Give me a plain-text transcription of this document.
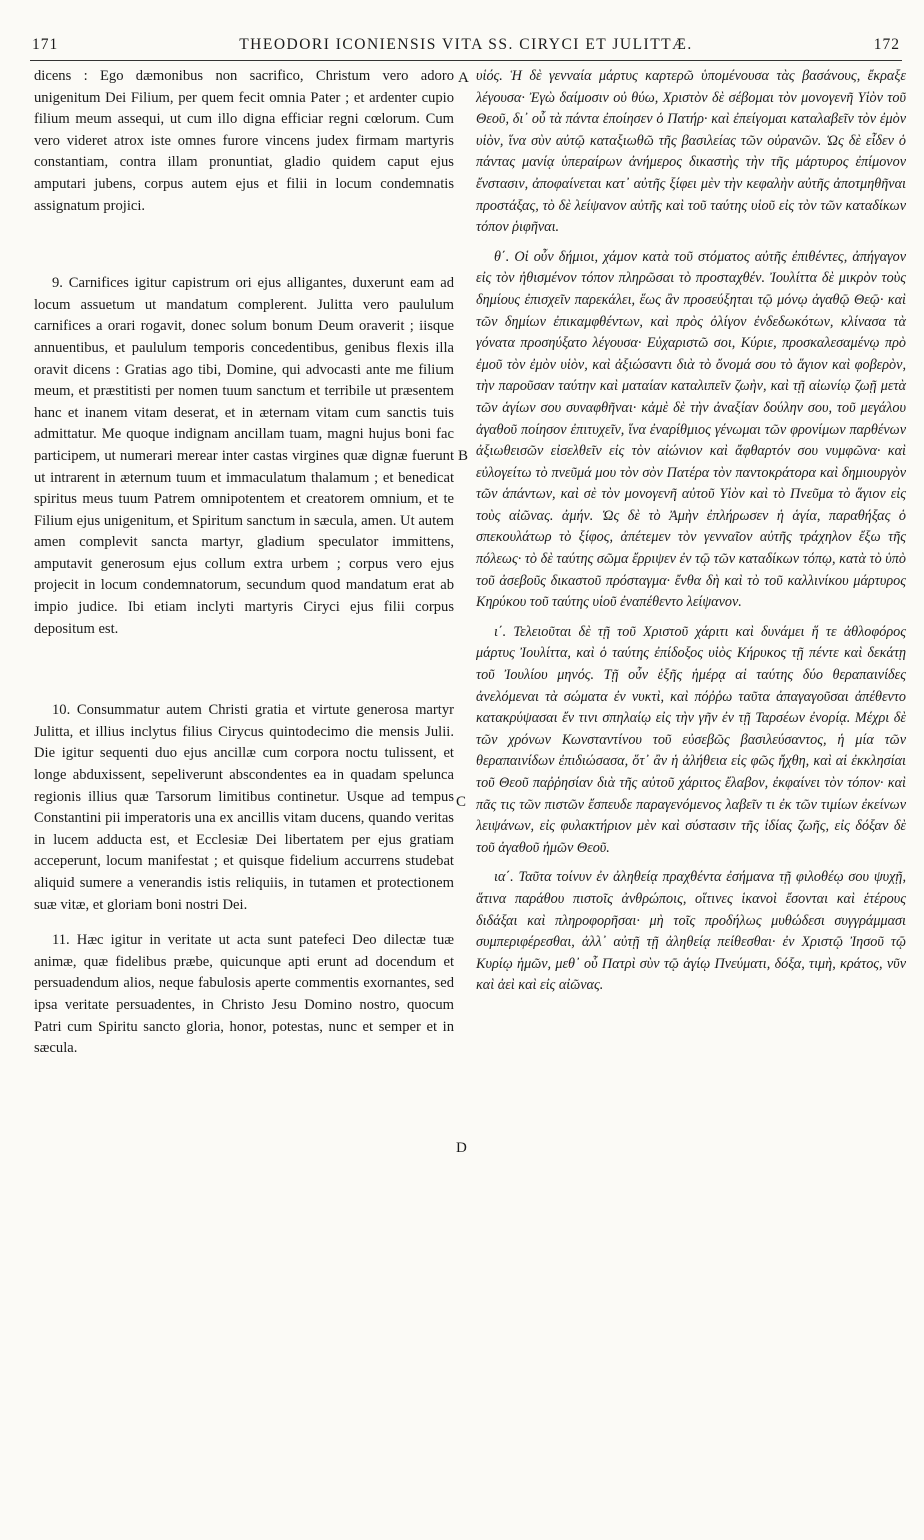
171	THEODORI ICONIENSIS VITA SS. CIRYCI ET JULITTÆ.	172
A
B
C
D

dicens : Ego dæmonibus non sacrifico, Christum vero adoro unigenitum Dei Filium, per quem fecit omnia Pater ; et ardenter cupio filium meum assequi, ut cum illo digna efficiar regni cœlorum. Cum vero videret atrox iste omnes furore vincens judex firmam martyris constantiam, contra illam pronuntiat, gladio quidem caput ejus amputari jubens, corpus autem ejus et filii in locum condemnatis assignatum projici.

9. Carnifices igitur capistrum ori ejus alligantes, duxerunt eam ad locum assuetum ut mandatum complerent. Julitta vero paululum carnifices a orari rogavit, donec solum bonum Deum oraverit ; iisque annuentibus, et paululum temporis concedentibus, genibus flexis illa oravit dicens : Gratias ago tibi, Domine, qui advocasti ante me filium meum, et præstitisti per nomen tuum sanctum et terribile ut præsentem hanc et inanem vitam deserat, et in æternam vitam cum sanctis tuis admittatur. Me quoque indignam ancillam tuam, magni hujus boni fac participem, ut numerari merear inter castas virgines quæ dignæ fuerunt ut intrarent in æternum tuum et immaculatum thalamum ; et benedicat spiritus meus tuum Patrem omnipotentem et creatorem omnium, et te Filium ejus unigenitum, et Spiritum sanctum in sæcula, amen. Ut autem amen complevit sancta martyr, gladium speculator immittens, amputavit generosum ejus collum extra urbem ; corpus vero ejus projecit in locum condemnatorum, secundum quod mandatum erat ab impio judice. Ibi etiam inclyti martyris Ciryci ejus filii corpus depositum est.

10. Consummatur autem Christi gratia et virtute generosa martyr Julitta, et illius inclytus filius Cirycus quintodecimo die mensis Julii. Die igitur sequenti duo ejus ancillæ cum corpora noctu tulissent, et longe abduxissent, sepeliverunt abscondentes ea in quadam spelunca regionis illius quæ Tarsorum limitibus continetur. Usque ad tempus Constantini pii imperatoris una ex ancillis vitam ducens, quando veritas in lucem adducta est, et Ecclesiæ Dei libertatem per ejus gratiam acceperunt, locum manifestat ; et quisque fidelium accurrens studebat aliquid sumere a venerandis istis reliquiis, in tutamen et protectionem suæ vitæ, et gloriam boni nostri Dei.

11. Hæc igitur in veritate ut acta sunt patefeci Deo dilectæ tuæ animæ, quæ fidelibus præbe, quicunque apti erunt ad docendum et persuadendum alios, neque fabulosis aperte commentis exornantes, sed ipsa veritate persuadentes, in Christo Jesu Domino nostro, quocum Patri cum Spiritu sancto gloria, honor, potestas, nunc et semper et in sæcula.

υἱός. Ἡ δὲ γενναία μάρτυς καρτερῶ ὑπομένουσα τὰς βασάνους, ἔκραξε λέγουσα· Ἐγὼ δαίμοσιν οὐ θύω, Χριστὸν δὲ σέβομαι τὸν μονογενῆ Υἱὸν τοῦ Θεοῦ, δι᾿ οὗ τὰ πάντα ἐποίησεν ὁ Πατήρ· καὶ ἐπείγομαι καταλαβεῖν τὸν ἐμὸν υἱὸν, ἵνα σὺν αὐτῷ καταξιωθῶ τῆς βασιλείας τῶν οὐρανῶν. Ὡς δὲ εἶδεν ὁ πάντας μανίᾳ ὑπεραίρων ἀνήμερος δικαστὴς τὴν τῆς μάρτυρος ἐπίμονον ἔνστασιν, ἀποφαίνεται κατ᾿ αὐτῆς ξίφει μὲν τὴν κεφαλὴν αὐτῆς ἀποτμηθῆναι προστάξας, τὸ δὲ λείψανον αὐτῆς καὶ τοῦ ταύτης υἱοῦ εἰς τὸν τῶν καταδίκων τόπον ῥιφῆναι.

θ΄. Οἱ οὖν δήμιοι, χάμον κατὰ τοῦ στόματος αὐτῆς ἐπιθέντες, ἀπήγαγον εἰς τὸν ἠθισμένον τόπον πληρῶσαι τὸ προσταχθέν. Ἰουλίττα δὲ μικρὸν τοὺς δημίους ἐπισχεῖν παρεκάλει, ἕως ἂν προσεύξηται τῷ μόνῳ ἀγαθῷ Θεῷ· καὶ τῶν δημίων ἐπικαμφθέντων, καὶ πρὸς ὀλίγον ἐνδεδωκότων, κλίνασα τὰ γόνατα προσηύξατο λέγουσα· Εὐχαριστῶ σοι, Κύριε, προσκαλεσαμένῳ πρὸ ἐμοῦ τὸν ἐμὸν υἱὸν, καὶ ἀξιώσαντι διὰ τὸ ὄνομά σου τὸ ἅγιον καὶ φοβερὸν, τὴν παροῦσαν ταύτην καὶ ματαίαν καταλιπεῖν ζωὴν, καὶ τῇ αἰωνίῳ ζωῇ μετὰ τῶν ἁγίων σου συναφθῆναι· κἀμὲ δὲ τὴν ἀναξίαν δούλην σου, τοῦ μεγάλου ἀγαθοῦ ποίησον ἐπιτυχεῖν, ἵνα ἐναρίθμιος γένωμαι τῶν φρονίμων παρθένων ἀξιωθεισῶν εἰσελθεῖν εἰς τὸν αἰώνιον καὶ ἄφθαρτόν σου νυμφῶνα· καὶ εὐλογείτω τὸ πνεῦμά μου τὸν σὸν Πατέρα τὸν παντοκράτορα καὶ δημιουργὸν τῶν ἁπάντων, καὶ σὲ τὸν μονογενῆ αὐτοῦ Υἱὸν καὶ τὸ Πνεῦμα τὸ ἅγιον εἰς τοὺς αἰῶνας. ἀμήν. Ὡς δὲ τὸ Ἀμὴν ἐπλήρωσεν ἡ ἁγία, παραθήξας ὁ σπεκουλάτωρ τὸ ξίφος, ἀπέτεμεν τὸν γενναῖον αὐτῆς τράχηλον ἔξω τῆς πόλεως· τὸ δὲ ταύτης σῶμα ἔρριψεν ἐν τῷ τῶν καταδίκων τόπῳ, κατὰ τὸ ὑπὸ τοῦ ἀσεβοῦς δικαστοῦ πρόσταγμα· ἔνθα δὴ καὶ τὸ τοῦ καλλινίκου μάρτυρος Κηρύκου τοῦ ταύτης υἱοῦ ἐναπέθεντο λείψανον.

ι΄. Τελειοῦται δὲ τῇ τοῦ Χριστοῦ χάριτι καὶ δυνάμει ἥ τε ἀθλοφόρος μάρτυς Ἰουλίττα, καὶ ὁ ταύτης ἐπίδοξος υἱὸς Κήρυκος τῇ πέντε καὶ δεκάτῃ τοῦ Ἰουλίου μηνός. Τῇ οὖν ἑξῆς ἡμέρᾳ αἱ ταύτης δύο θεραπαινίδες ἀνελόμεναι τὰ σώματα ἐν νυκτὶ, καὶ πόῤῥω ταῦτα ἀπαγαγοῦσαι ἀπέθεντο κατακρύψασαι ἔν τινι σπηλαίῳ εἰς τὴν γῆν ἐν τῇ Ταρσέων ἐνορίᾳ. Μέχρι δὲ τῶν χρόνων Κωνσταντίνου τοῦ εὐσεβῶς βασιλεύσαντος, ἡ μία τῶν θεραπαινίδων ἐπιδιώσασα, ὅτ᾿ ἂν ἡ ἀλήθεια εἰς φῶς ἤχθη, καὶ αἱ ἐκκλησίαι τοῦ Θεοῦ παῤῥησίαν διὰ τῆς αὐτοῦ χάριτος ἔλαβον, ἐκφαίνει τὸν τόπον· καὶ πᾶς τις τῶν πιστῶν ἔσπευδε παραγενόμενος λαβεῖν τι ἐκ τῶν τιμίων ἐκείνων λειψάνων, εἰς φυλακτήριον μὲν καὶ σύστασιν τῆς ἰδίας ζωῆς, εἰς δόξαν δὲ τοῦ ἀγαθοῦ ἡμῶν Θεοῦ.

ια΄. Ταῦτα τοίνυν ἐν ἀληθείᾳ πραχθέντα ἐσήμανα τῇ φιλοθέῳ σου ψυχῇ, ἅτινα παράθου πιστοῖς ἀνθρώποις, οἵτινες ἱκανοὶ ἔσονται καὶ ἑτέρους διδάξαι καὶ πληροφορῆσαι· μὴ τοῖς προδήλως μυθώδεσι συγγράμμασι συμπεριφέρεσθαι, ἀλλ᾿ αὐτῇ τῇ ἀληθείᾳ πείθεσθαι· ἐν Χριστῷ Ἰησοῦ τῷ Κυρίῳ ἡμῶν, μεθ᾿ οὗ Πατρὶ σὺν τῷ ἁγίῳ Πνεύματι, δόξα, τιμὴ, κράτος, νῦν καὶ ἀεὶ καὶ εἰς αἰῶνας.
